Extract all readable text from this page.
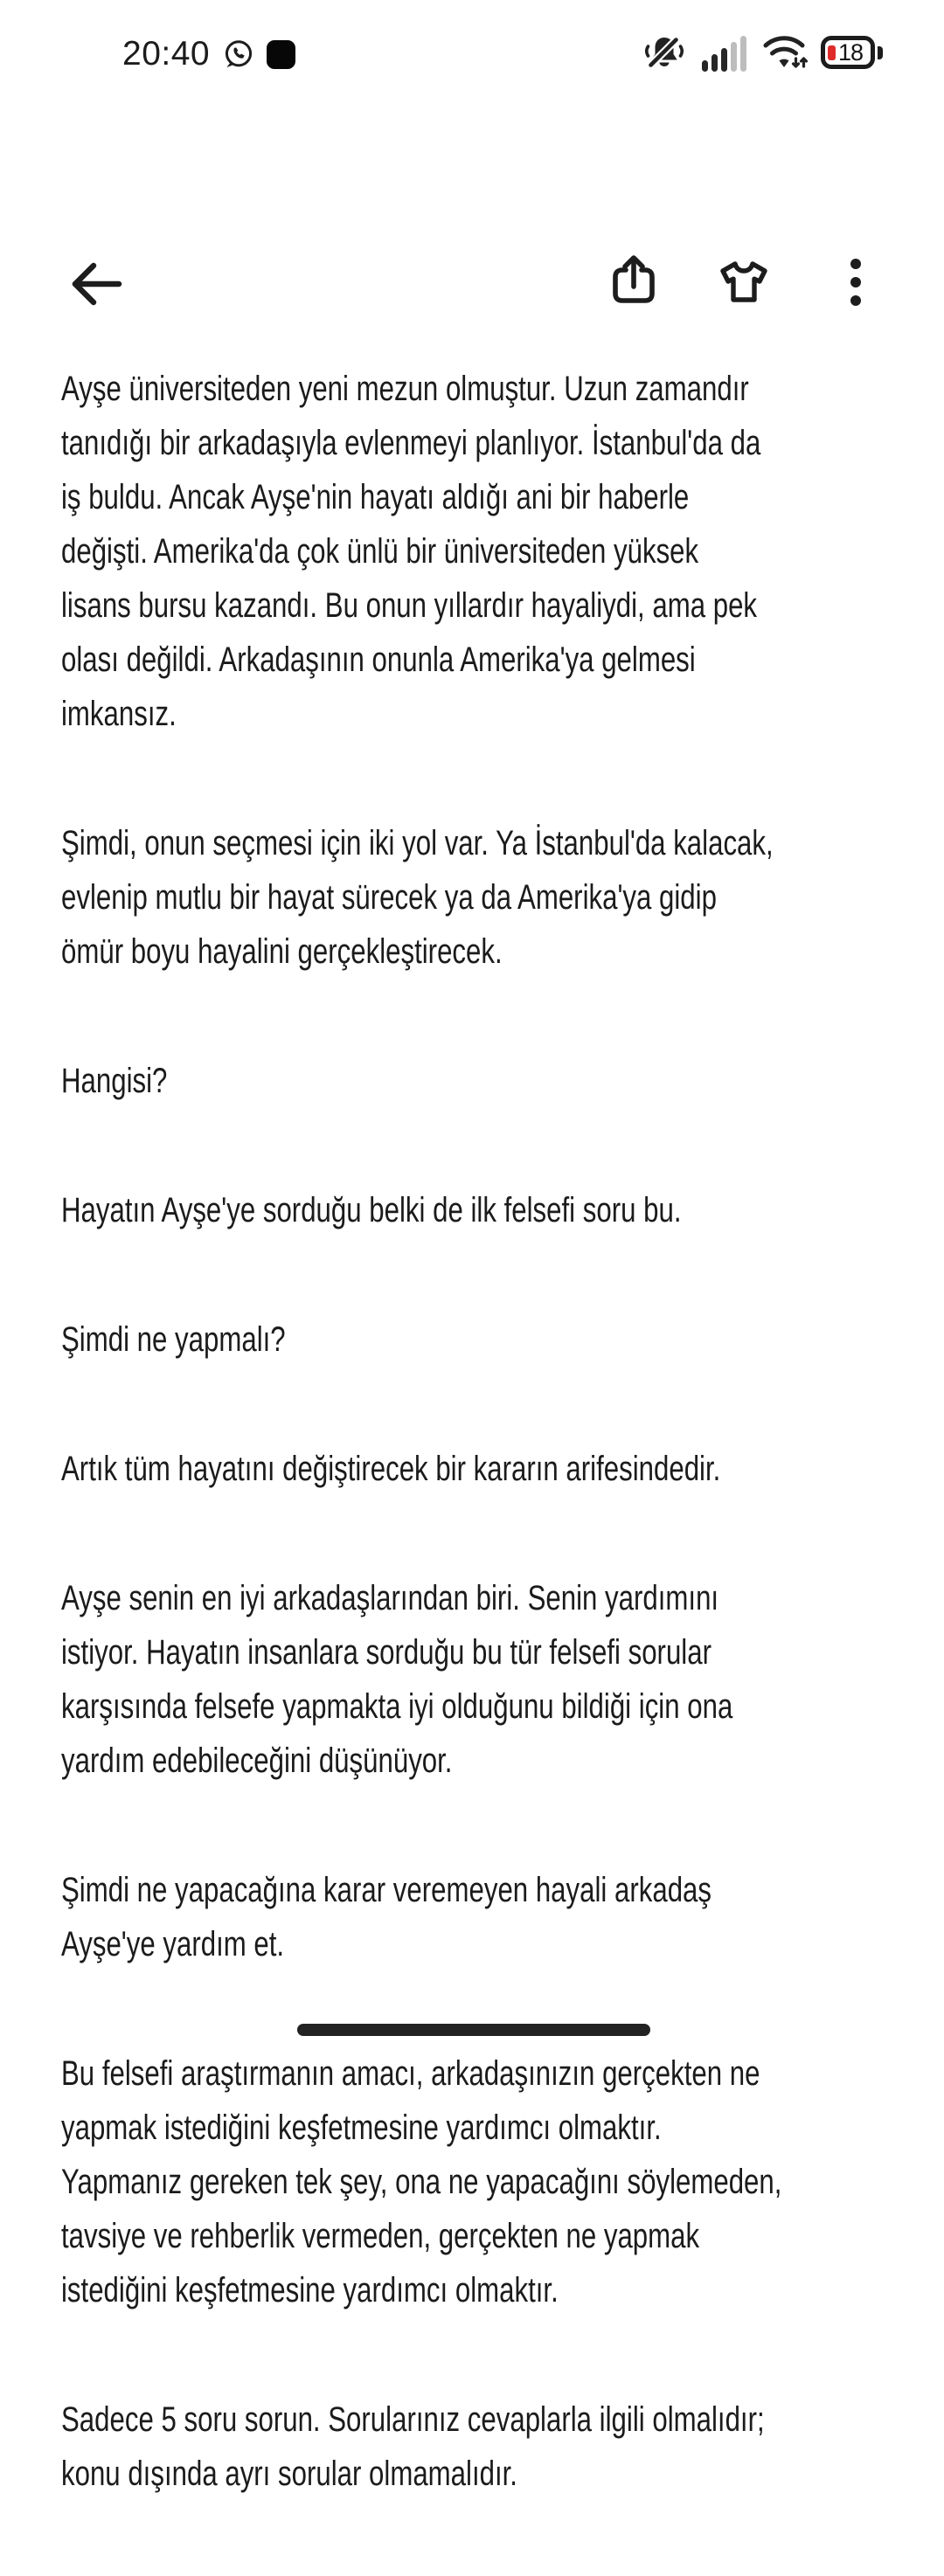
20:40	18

Ayşe üniversiteden yeni mezun olmuştur. Uzun zamandır
tanıdığı bir arkadaşıyla evlenmeyi planlıyor. İstanbul'da da
iş buldu. Ancak Ayşe'nin hayatı aldığı ani bir haberle
değişti. Amerika'da çok ünlü bir üniversiteden yüksek
lisans bursu kazandı. Bu onun yıllardır hayaliydi, ama pek
olası değildi. Arkadaşının onunla Amerika'ya gelmesi
imkansız.

Şimdi, onun seçmesi için iki yol var. Ya İstanbul'da kalacak,
evlenip mutlu bir hayat sürecek ya da Amerika'ya gidip
ömür boyu hayalini gerçekleştirecek.

Hangisi?

Hayatın Ayşe'ye sorduğu belki de ilk felsefi soru bu.

Şimdi ne yapmalı?

Artık tüm hayatını değiştirecek bir kararın arifesindedir.

Ayşe senin en iyi arkadaşlarından biri. Senin yardımını
istiyor. Hayatın insanlara sorduğu bu tür felsefi sorular
karşısında felsefe yapmakta iyi olduğunu bildiği için ona
yardım edebileceğini düşünüyor.

Şimdi ne yapacağına karar veremeyen hayali arkadaş
Ayşe'ye yardım et.

Bu felsefi araştırmanın amacı, arkadaşınızın gerçekten ne
yapmak istediğini keşfetmesine yardımcı olmaktır.
Yapmanız gereken tek şey, ona ne yapacağını söylemeden,
tavsiye ve rehberlik vermeden, gerçekten ne yapmak
istediğini keşfetmesine yardımcı olmaktır.

Sadece 5 soru sorun. Sorularınız cevaplarla ilgili olmalıdır;
konu dışında ayrı sorular olmamalıdır.
